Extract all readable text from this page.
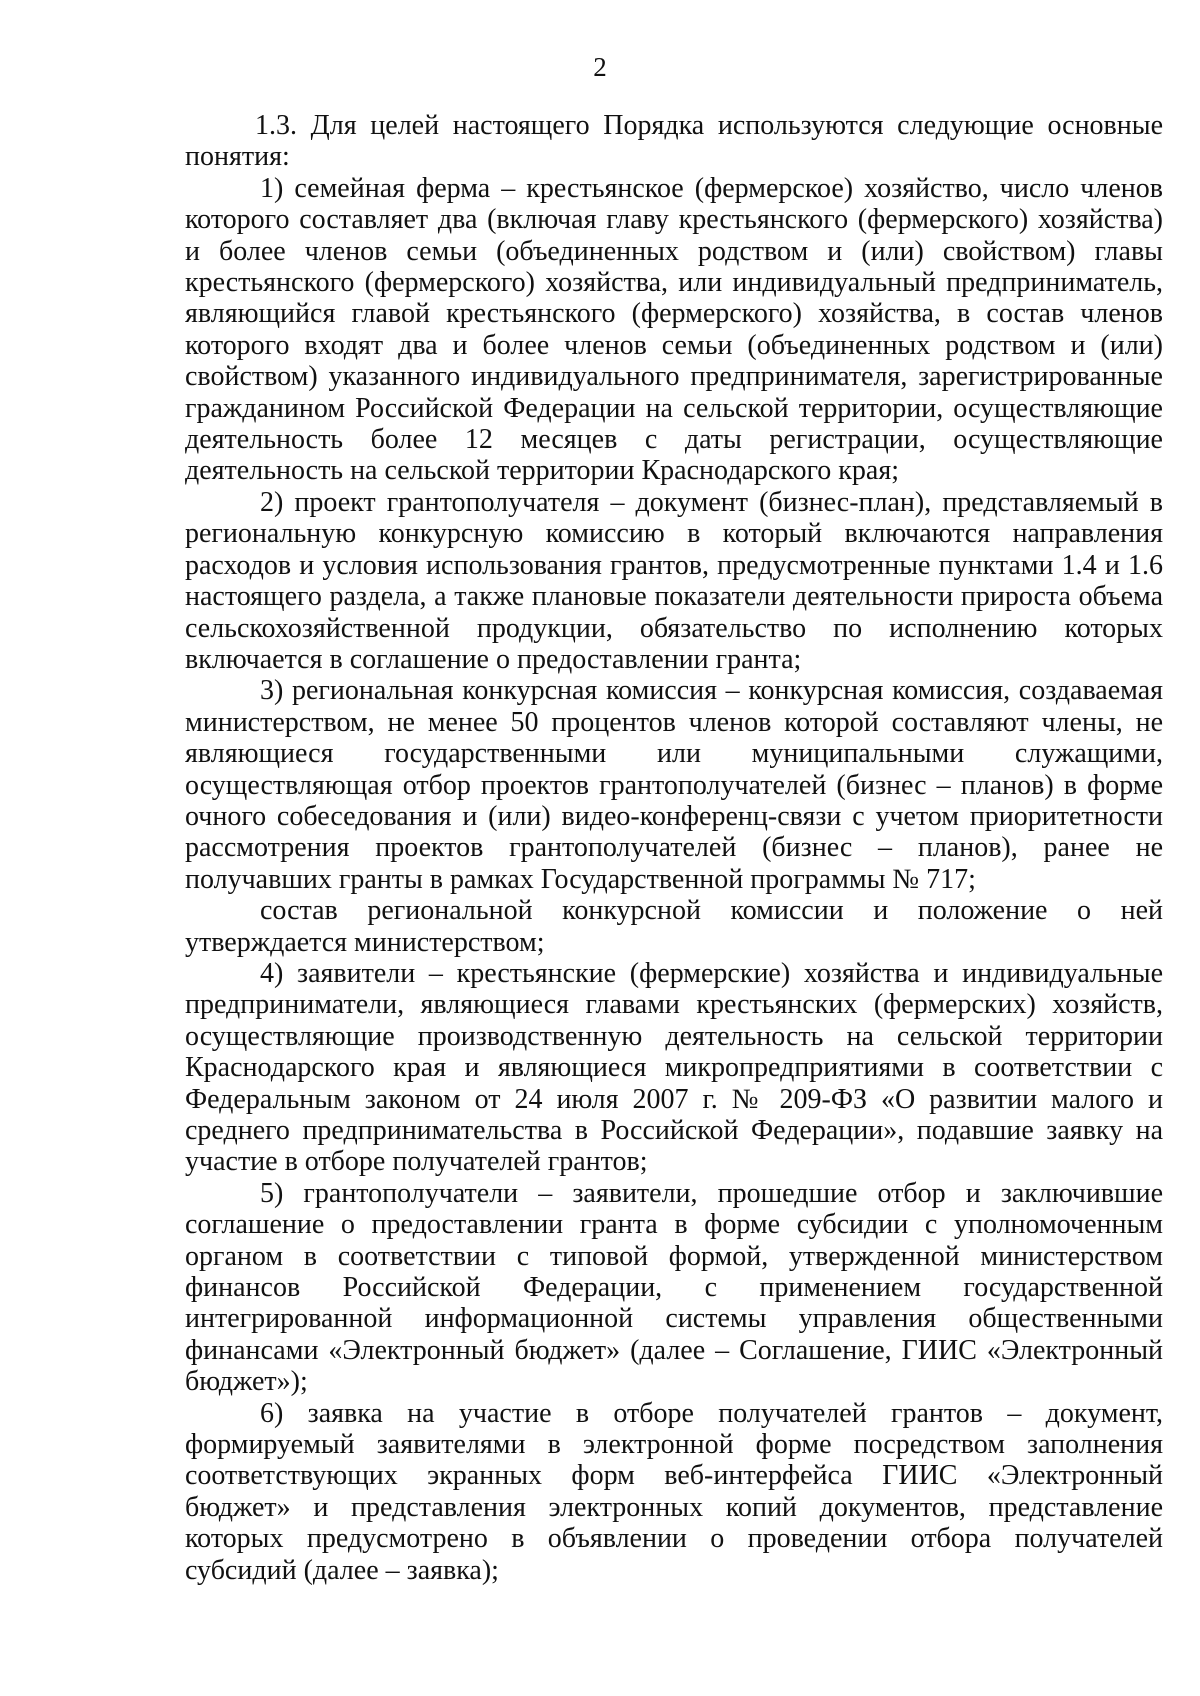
2

1.3. Для целей настоящего Порядка используются следующие основные понятия:

1) семейная ферма – крестьянское (фермерское) хозяйство, число членов которого составляет два (включая главу крестьянского (фермерского) хозяйства) и более членов семьи (объединенных родством и (или) свойством) главы крестьянского (фермерского) хозяйства, или индивидуальный предприниматель, являющийся главой крестьянского (фермерского) хозяйства, в состав членов которого входят два и более членов семьи (объединенных родством и (или) свойством) указанного индивидуального предпринимателя, зарегистрированные гражданином Российской Федерации на сельской территории, осуществляющие деятельность более 12 месяцев с даты регистрации, осуществляющие деятельность на сельской территории Краснодарского края;

2) проект грантополучателя – документ (бизнес-план), представляемый в региональную конкурсную комиссию в который включаются направления расходов и условия использования грантов, предусмотренные пунктами 1.4 и 1.6 настоящего раздела, а также плановые показатели деятельности прироста объема сельскохозяйственной продукции, обязательство по исполнению которых включается в соглашение о предоставлении гранта;

3) региональная конкурсная комиссия – конкурсная комиссия, создаваемая министерством, не менее 50 процентов членов которой составляют члены, не являющиеся государственными или муниципальными служащими, осуществляющая отбор проектов грантополучателей (бизнес – планов) в форме очного собеседования и (или) видео-конференц-связи с учетом приоритетности рассмотрения проектов грантополучателей (бизнес – планов), ранее не получавших гранты в рамках Государственной программы № 717;

состав региональной конкурсной комиссии и положение о ней утверждается министерством;

4) заявители – крестьянские (фермерские) хозяйства и индивидуальные предприниматели, являющиеся главами крестьянских (фермерских) хозяйств, осуществляющие производственную деятельность на сельской территории Краснодарского края и являющиеся микропредприятиями в соответствии с Федеральным законом от 24 июля 2007 г. № 209-ФЗ «О развитии малого и среднего предпринимательства в Российской Федерации», подавшие заявку на участие в отборе получателей грантов;

5) грантополучатели – заявители, прошедшие отбор и заключившие соглашение о предоставлении гранта в форме субсидии с уполномоченным органом в соответствии с типовой формой, утвержденной министерством финансов Российской Федерации, с применением государственной интегрированной информационной системы управления общественными финансами «Электронный бюджет» (далее – Соглашение, ГИИС «Электронный бюджет»);

6) заявка на участие в отборе получателей грантов – документ, формируемый заявителями в электронной форме посредством заполнения соответствующих экранных форм веб-интерфейса ГИИС «Электронный бюджет» и представления электронных копий документов, представление которых предусмотрено в объявлении о проведении отбора получателей субсидий (далее – заявка);
